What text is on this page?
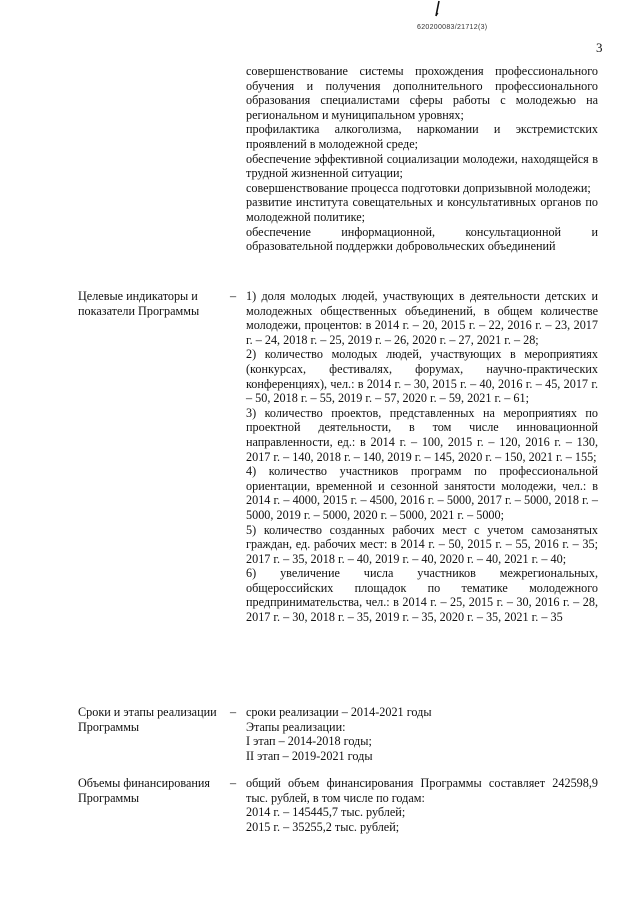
620200083/21712(3)
3

совершенствование системы прохождения профессионального обучения и получения дополнительного профессионального образования специалистами сферы работы с молодежью на региональном и муниципальном уровнях;

профилактика алкоголизма, наркомании и экстремистских проявлений в молодежной среде;

обеспечение эффективной социализации молодежи, находящейся в трудной жизненной ситуации;

совершенствование процесса подготовки допризывной молодежи;

развитие института совещательных и консультативных органов по молодежной политике;

обеспечение информационной, консультационной и образовательной поддержки добровольческих объединений

Целевые индикаторы и показатели Программы
– 1) доля молодых людей, участвующих в деятельности детских и молодежных общественных объединений, в общем количестве молодежи, процентов: в 2014 г. – 20, 2015 г. – 22, 2016 г. – 23, 2017 г. – 24, 2018 г. – 25, 2019 г. – 26, 2020 г. – 27, 2021 г. – 28;

2) количество молодых людей, участвующих в мероприятиях (конкурсах, фестивалях, форумах, научно-практических конференциях), чел.: в 2014 г. – 30, 2015 г. – 40, 2016 г. – 45, 2017 г. – 50, 2018 г. – 55, 2019 г. – 57, 2020 г. – 59, 2021 г. – 61;

3) количество проектов, представленных на мероприятиях по проектной деятельности, в том числе инновационной направленности, ед.: в 2014 г. – 100, 2015 г. – 120, 2016 г. – 130, 2017 г. – 140, 2018 г. – 140, 2019 г. – 145, 2020 г. – 150, 2021 г. – 155;

4) количество участников программ по профессиональной ориентации, временной и сезонной занятости молодежи, чел.: в 2014 г. – 4000, 2015 г. – 4500, 2016 г. – 5000, 2017 г. – 5000, 2018 г. – 5000, 2019 г. – 5000, 2020 г. – 5000, 2021 г. – 5000;

5) количество созданных рабочих мест с учетом самозанятых граждан, ед. рабочих мест: в 2014 г. – 50, 2015 г. – 55, 2016 г. – 35; 2017 г. – 35, 2018 г. – 40, 2019 г. – 40, 2020 г. – 40, 2021 г. – 40;

6) увеличение числа участников межрегиональных, общероссийских площадок по тематике молодежного предпринимательства, чел.: в 2014 г. – 25, 2015 г. – 30, 2016 г. – 28, 2017 г. – 30, 2018 г. – 35, 2019 г. – 35, 2020 г. – 35, 2021 г. – 35

Сроки и этапы реализации Программы
– сроки реализации – 2014-2021 годы

Этапы реализации:

I этап – 2014-2018 годы;

II этап – 2019-2021 годы

Объемы финансирования Программы
– общий объем финансирования Программы составляет 242598,9 тыс. рублей, в том числе по годам:

2014 г. – 145445,7 тыс. рублей;

2015 г. – 35255,2 тыс. рублей;
